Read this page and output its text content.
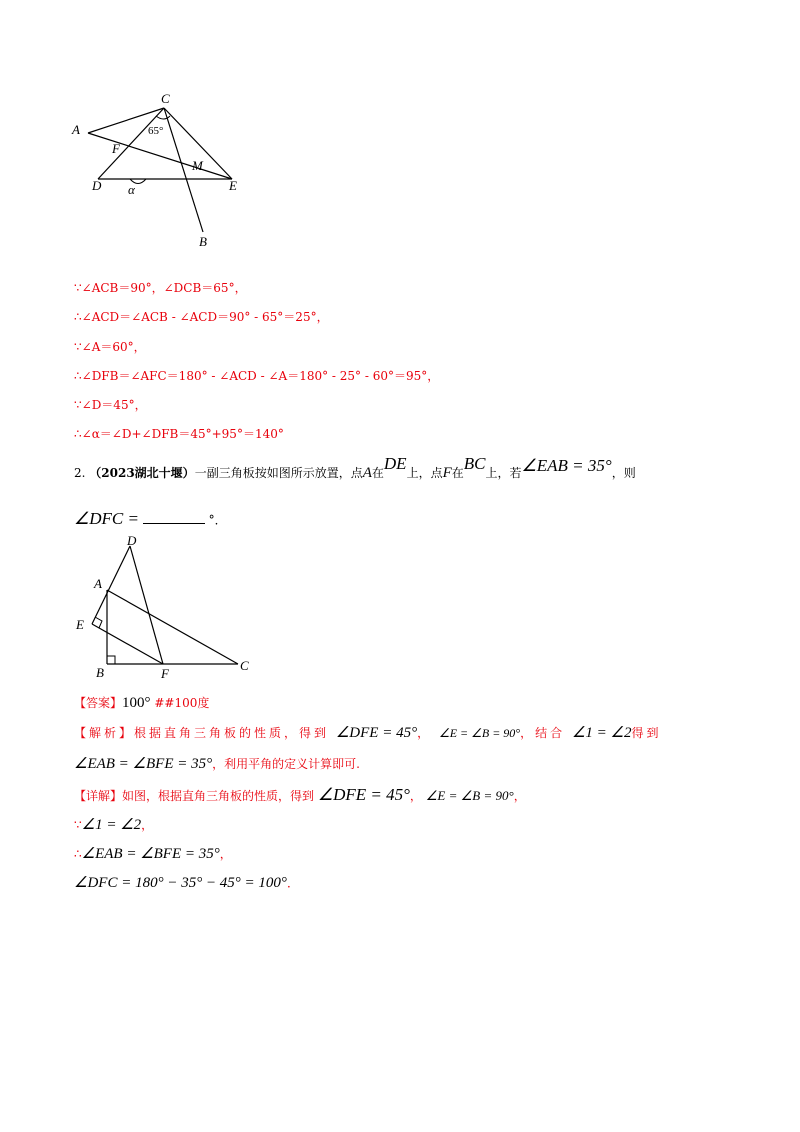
C
A
F
M
D	E
B
65°
α
∵∠ACB＝90°，∠DCB＝65°，
∴∠ACD＝∠ACB - ∠ACD＝90° - 65°＝25°，
∵∠A＝60°，
∴∠DFB＝∠AFC＝180° - ∠ACD - ∠A＝180° - 25° - 60°＝95°，
∵∠D＝45°，
∴∠α＝∠D+∠DFB＝45°+95°＝140°
2. （2023湖北十堰）一副三角板按如图所示放置，点A在DE上，点F在BC上，若∠EAB = 35°，则
∠DFC =	°．
D
A
E
B	F
C
【答案】100° ##100度
【解析】根据直角三角板的性质，得到 ∠DFE = 45°， ∠E = ∠B = 90°，结合 ∠1 = ∠2得到
∠EAB = ∠BFE = 35°，利用平角的定义计算即可.
【详解】如图，根据直角三角板的性质，得到 ∠DFE = 45°， ∠E = ∠B = 90°，
∵∠1 = ∠2，
∴∠EAB = ∠BFE = 35°，
∠DFC = 180° − 35° − 45° = 100°．
